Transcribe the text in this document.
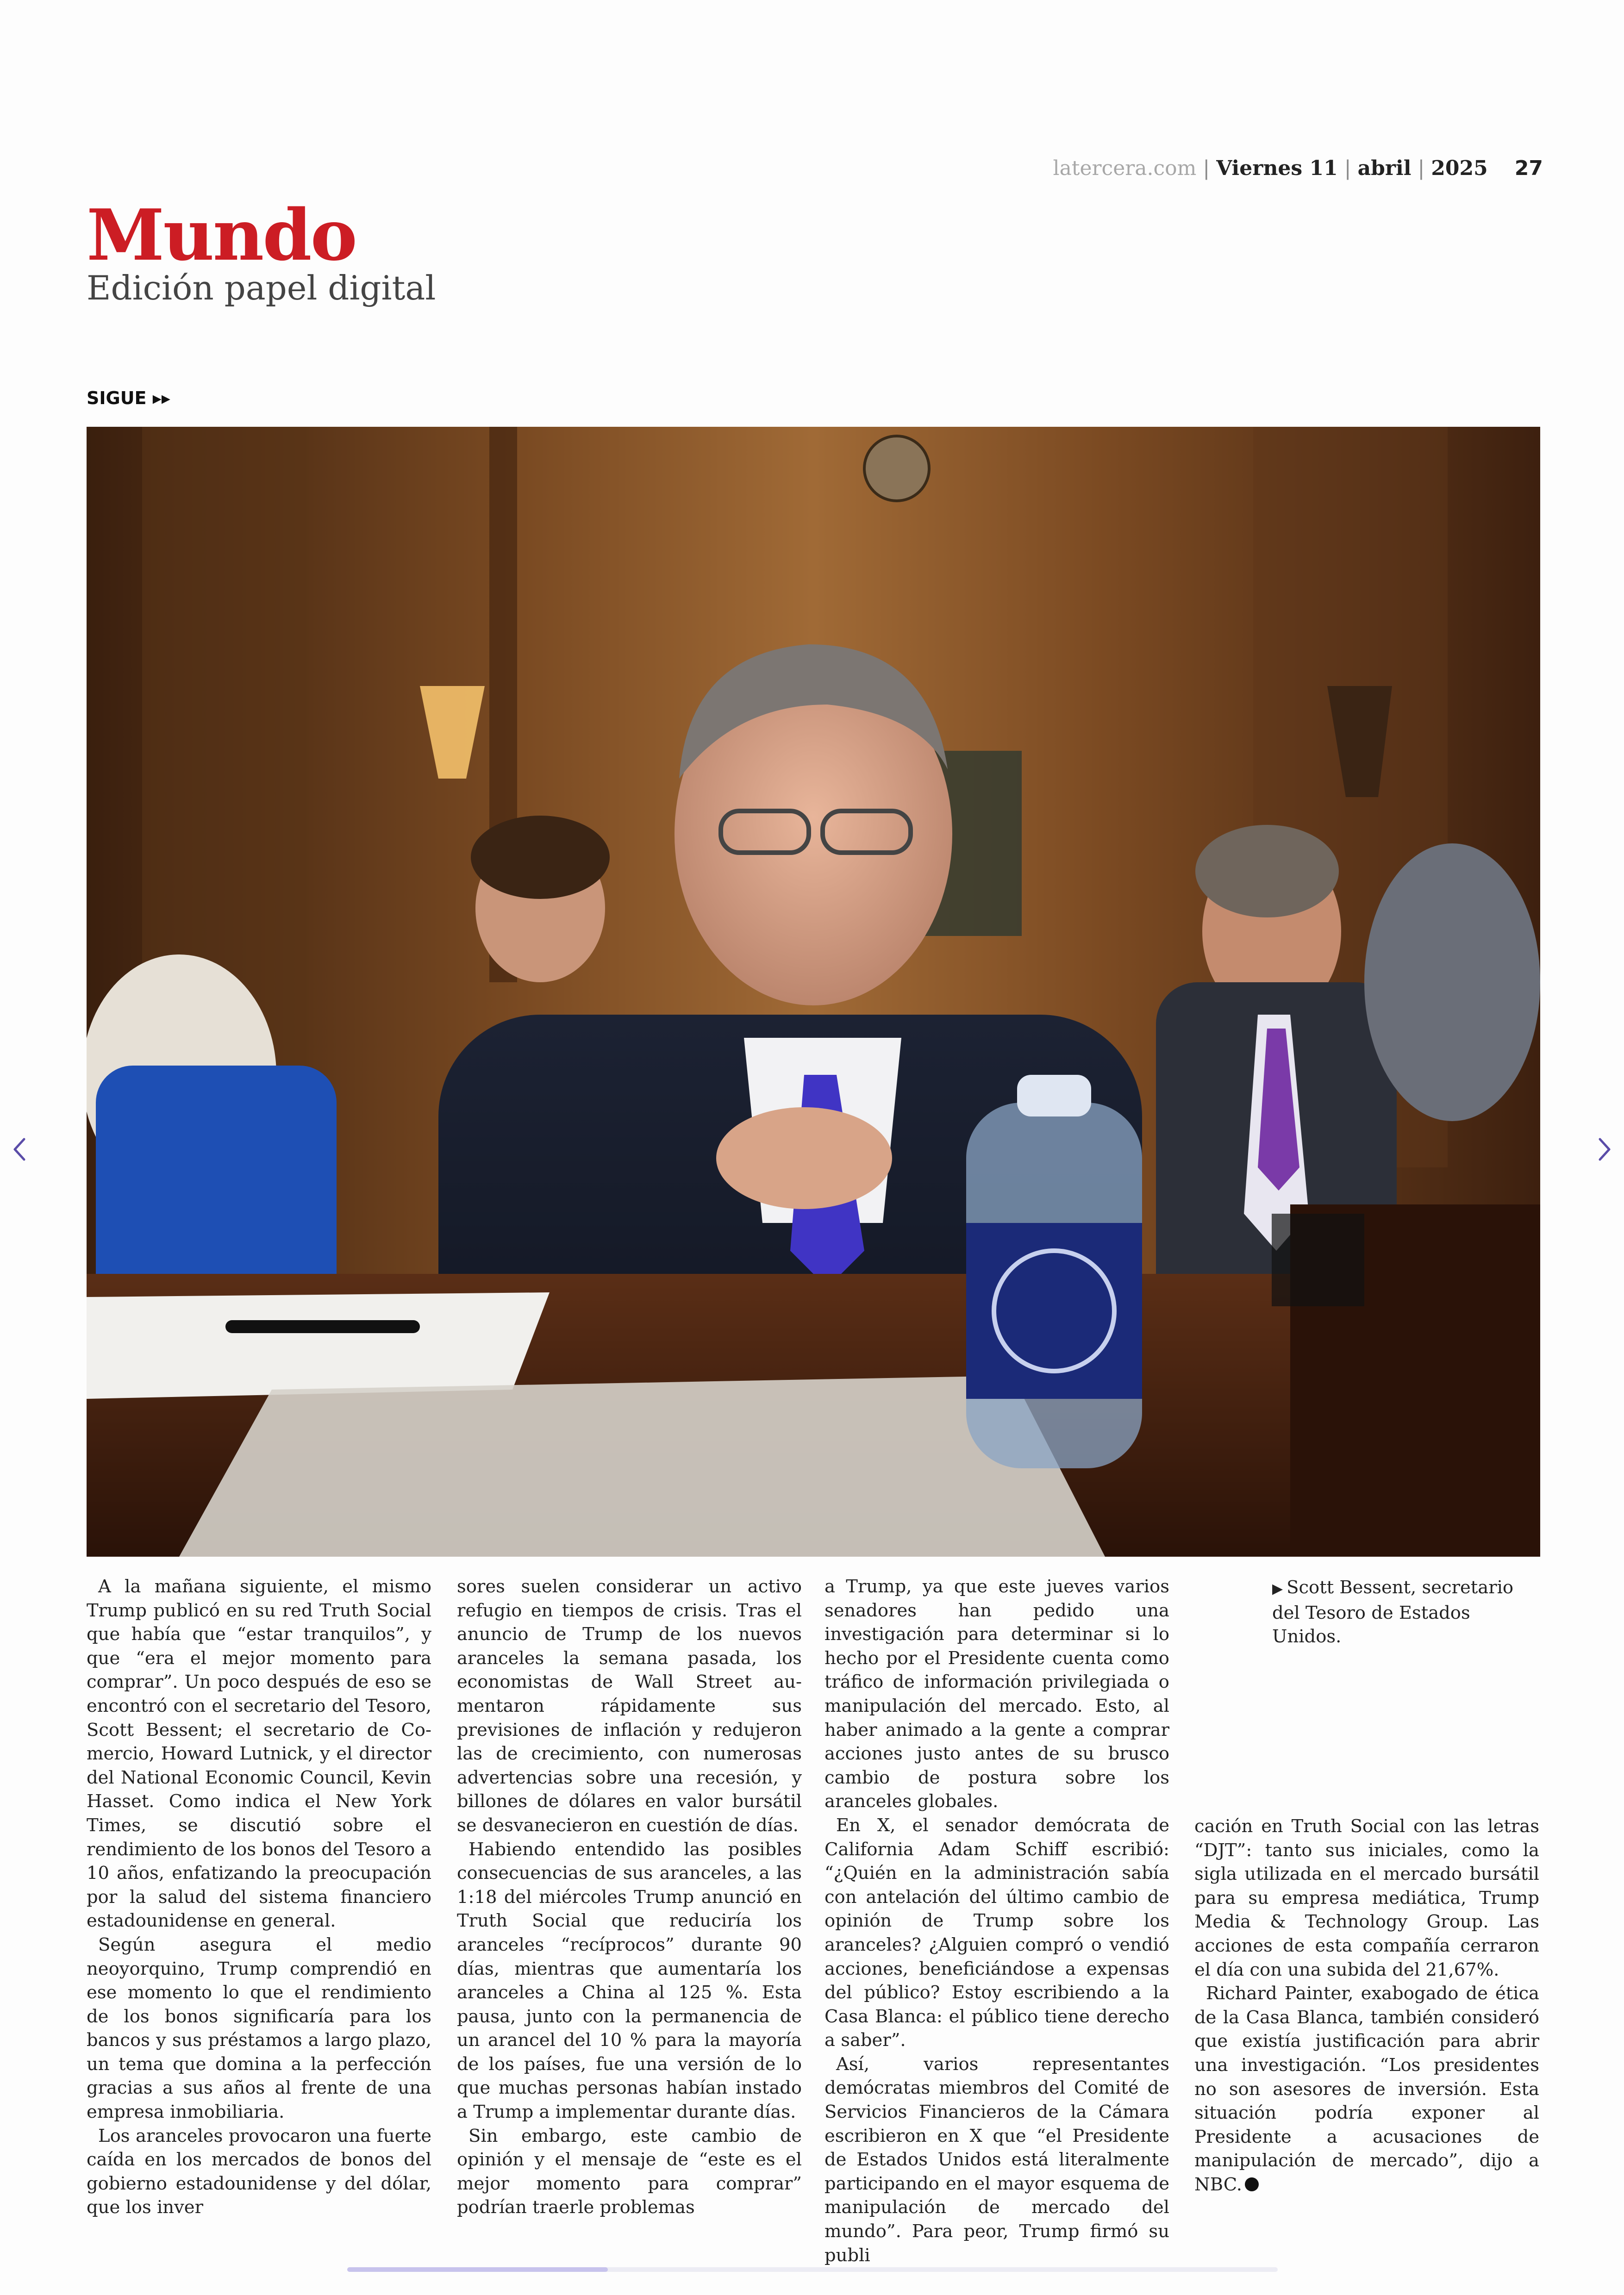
latercera.com | Viernes 11 | abril | 2025 27
Mundo
Edición papel digital
SIGUE ▸▸

A la mañana siguiente, el mismo Trump publicó en su red Truth Social que había que “estar tranquilos”, y que “era el mejor momento para comprar”. Un poco después de eso se encontró con el secretario del Tesoro, Scott Bessent; el secretario de Comercio, Howard Lutnick, y el director del National Economic Council, Kevin Hasset. Como indica el New York Times, se discutió sobre el rendimiento de los bonos del Tesoro a 10 años, enfatizando la preocupación por la salud del sistema financiero estadounidense en general.

Según asegura el medio neoyorquino, Trump comprendió en ese momento lo que el rendimiento de los bonos significaría para los bancos y sus préstamos a largo plazo, un tema que domina a la perfección gracias a sus años al frente de una empresa inmobiliaria.

Los aranceles provocaron una fuerte caída en los mercados de bonos del gobierno estadounidense y del dólar, que los inver

sores suelen considerar un activo refugio en tiempos de crisis. Tras el anuncio de Trump de los nuevos aranceles la semana pasada, los economistas de Wall Street aumentaron rápidamente sus previsiones de inflación y redujeron las de crecimiento, con numerosas advertencias sobre una recesión, y billones de dólares en valor bursátil se desvanecieron en cuestión de días.

Habiendo entendido las posibles consecuencias de sus aranceles, a las 1:18 del miércoles Trump anunció en Truth Social que reduciría los aranceles “recíprocos” durante 90 días, mientras que aumentaría los aranceles a China al 125 %. Esta pausa, junto con la permanencia de un arancel del 10 % para la mayoría de los países, fue una versión de lo que muchas personas habían instado a Trump a implementar durante días.

Sin embargo, este cambio de opinión y el mensaje de “este es el mejor momento para comprar” podrían traerle problemas

a Trump, ya que este jueves varios senadores han pedido una investigación para determinar si lo hecho por el Presidente cuenta como tráfico de información privilegiada o manipulación del mercado. Esto, al haber animado a la gente a comprar acciones justo antes de su brusco cambio de postura sobre los aranceles globales.

En X, el senador demócrata de California Adam Schiff escribió: “¿Quién en la administración sabía con antelación del último cambio de opinión de Trump sobre los aranceles? ¿Alguien compró o vendió acciones, beneficiándose a expensas del público? Estoy escribiendo a la Casa Blanca: el público tiene derecho a saber”.

Así, varios representantes demócratas miembros del Comité de Servicios Financieros de la Cámara escribieron en X que “el Presidente de Estados Unidos está literalmente participando en el mayor esquema de manipulación de mercado del mundo”. Para peor, Trump firmó su publi

cación en Truth Social con las letras “DJT”: tanto sus iniciales, como la sigla utilizada en el mercado bursátil para su empresa mediática, Trump Media & Technology Group. Las acciones de esta compañía cerraron el día con una subida del 21,67%.

Richard Painter, exabogado de ética de la Casa Blanca, también consideró que existía justificación para abrir una investigación. “Los presidentes no son asesores de inversión. Esta situación podría exponer al Presidente a acusaciones de manipulación de mercado”, dijo a NBC.

▶ Scott Bessent, secretario del Tesoro de Estados Unidos.
